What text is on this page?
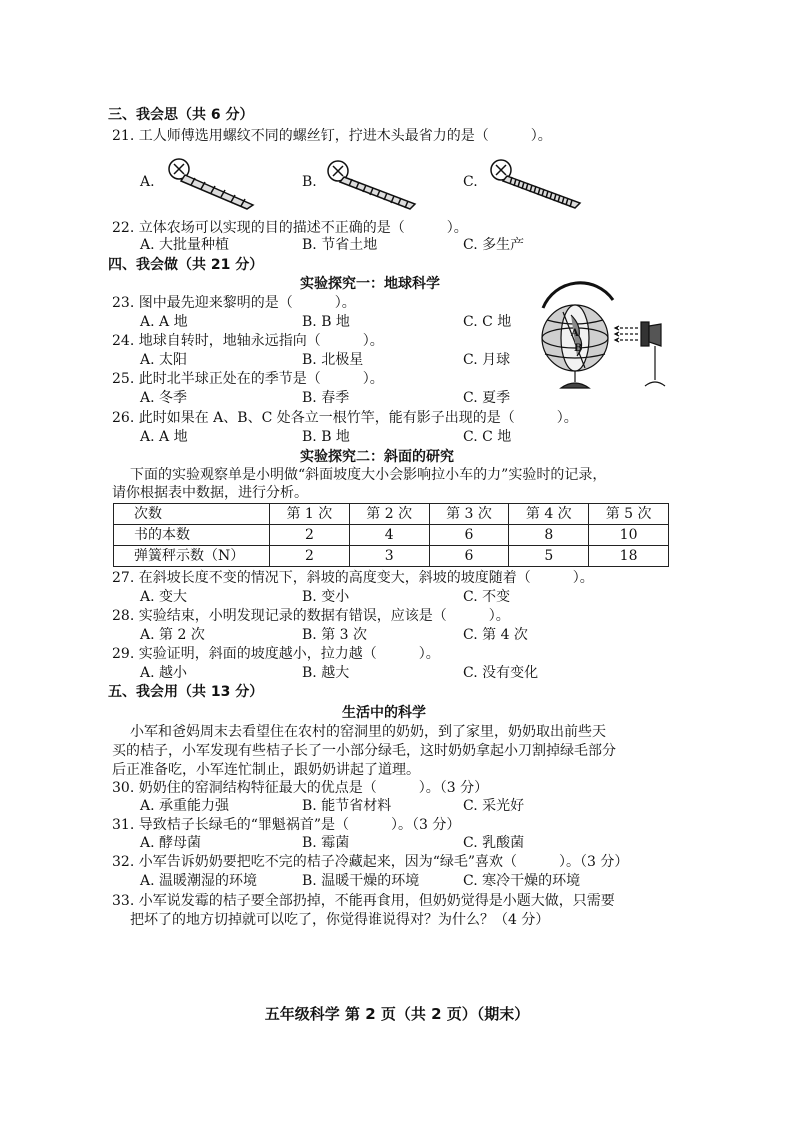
三、我会思（共 6 分）
21. 工人师傅选用螺纹不同的螺丝钉，拧进木头最省力的是（　　　）。
A.	B.	C.
22. 立体农场可以实现的目的描述不正确的是（　　　）。
A. 大批量种植	B. 节省土地	C. 多生产
四、我会做（共 21 分）
实验探究一：地球科学
23. 图中最先迎来黎明的是（　　　）。
A. A 地	B. B 地	C. C 地
24. 地球自转时，地轴永远指向（　　　）。
A. 太阳	B. 北极星	C. 月球
25. 此时北半球正处在的季节是（　　　）。
A. 冬季	B. 春季	C. 夏季
26. 此时如果在 A、B、C 处各立一根竹竿，能有影子出现的是（　　　）。
A. A 地	B. B 地	C. C 地
A
B
实验探究二：斜面的研究
下面的实验观察单是小明做“斜面坡度大小会影响拉小车的力”实验时的记录，
请你根据表中数据，进行分析。
次数	第 1 次	第 2 次	第 3 次	第 4 次	第 5 次
书的本数	2	4	6	8	10
弹簧秤示数（N）	2	3	6	5	18
27. 在斜坡长度不变的情况下，斜坡的高度变大，斜坡的坡度随着（　　　）。
A. 变大	B. 变小	C. 不变
28. 实验结束，小明发现记录的数据有错误，应该是（　　　）。
A. 第 2 次	B. 第 3 次	C. 第 4 次
29. 实验证明，斜面的坡度越小，拉力越（　　　）。
A. 越小	B. 越大	C. 没有变化
五、我会用（共 13 分）
生活中的科学
小军和爸妈周末去看望住在农村的窑洞里的奶奶，到了家里，奶奶取出前些天
买的桔子，小军发现有些桔子长了一小部分绿毛，这时奶奶拿起小刀割掉绿毛部分
后正准备吃，小军连忙制止，跟奶奶讲起了道理。
30. 奶奶住的窑洞结构特征最大的优点是（　　　）。（3 分）
A. 承重能力强	B. 能节省材料	C. 采光好
31. 导致桔子长绿毛的“罪魁祸首”是（　　　）。（3 分）
A. 酵母菌	B. 霉菌	C. 乳酸菌
32. 小军告诉奶奶要把吃不完的桔子冷藏起来，因为“绿毛”喜欢（　　　）。（3 分）
A. 温暖潮湿的环境	B. 温暖干燥的环境	C. 寒冷干燥的环境
33. 小军说发霉的桔子要全部扔掉，不能再食用，但奶奶觉得是小题大做，只需要
把坏了的地方切掉就可以吃了，你觉得谁说得对？为什么？（4 分）
五年级科学 第 2 页（共 2 页）（期末）
